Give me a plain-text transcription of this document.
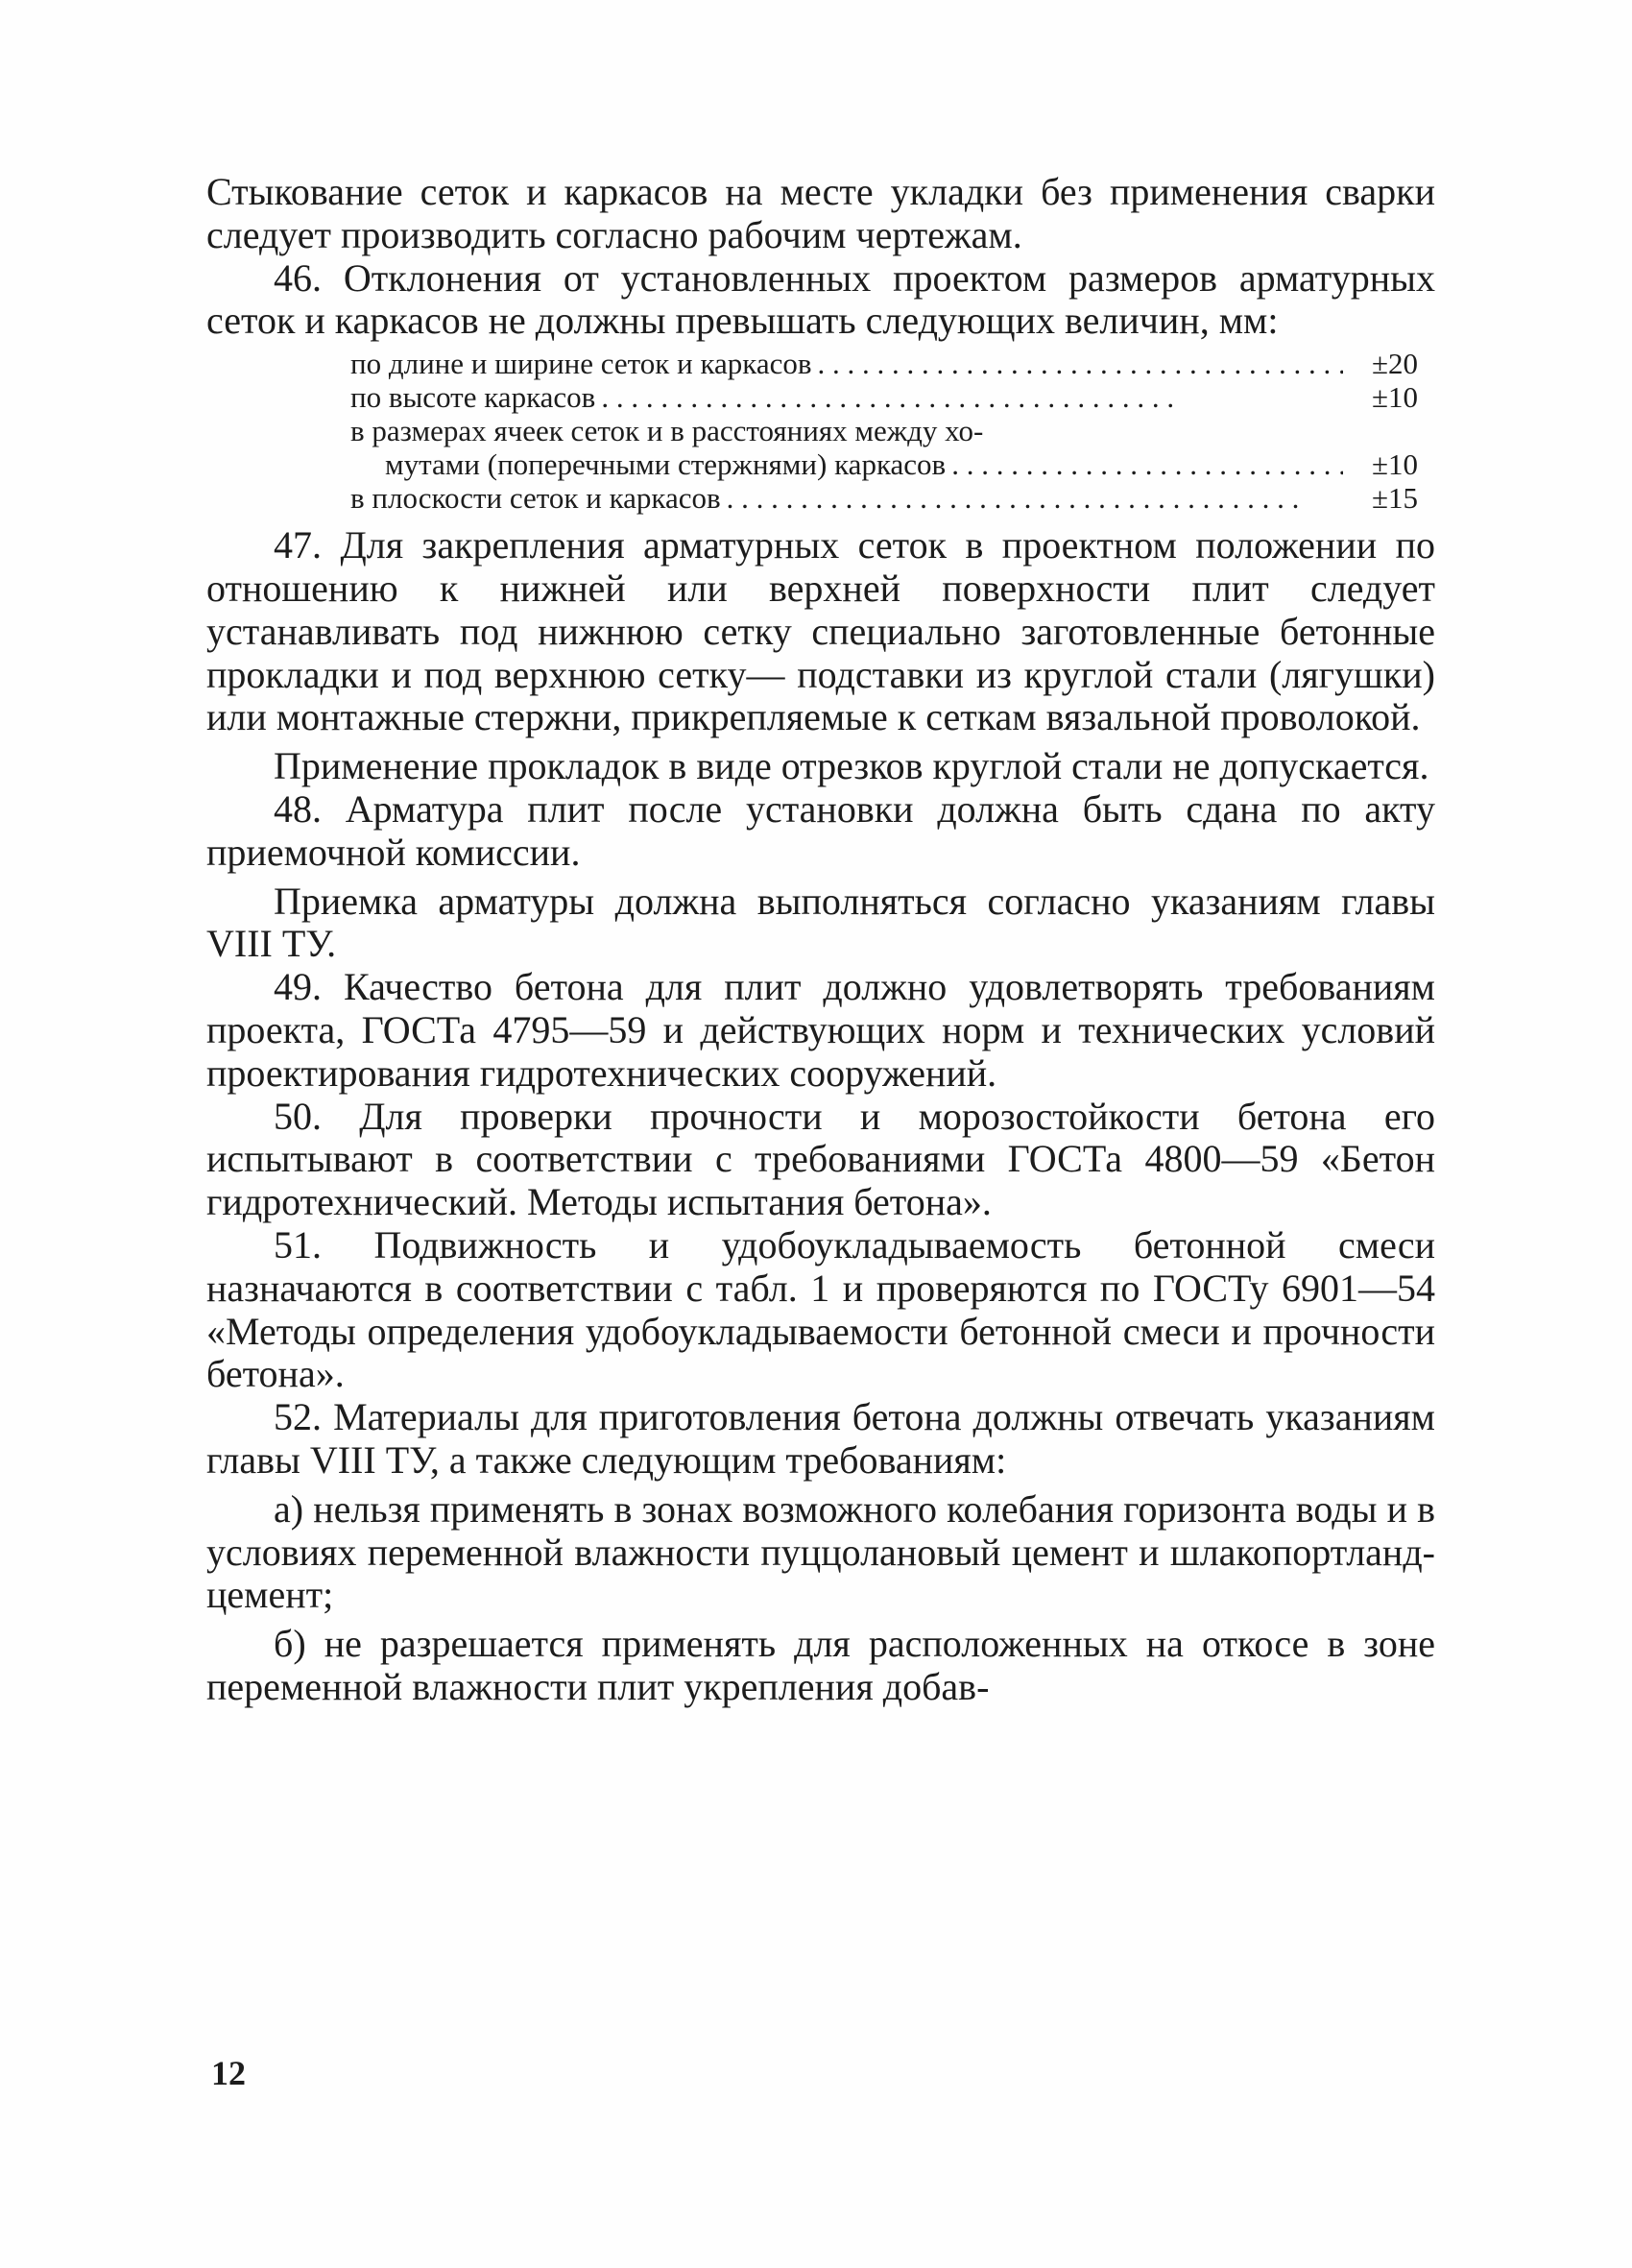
Стыкование сеток и каркасов на месте укладки без применения сварки следует производить согласно рабочим чертежам.

46. Отклонения от установленных проектом размеров арматурных сеток и каркасов не должны превышать следующих величин, мм:

по длине и ширине сеток и каркасов . . .	±20
по высоте каркасов . . .	±10
в размерах ячеек сеток и в расстояниях между хо-
мутами (поперечными стержнями) каркасов . . .	±10
в плоскости сеток и каркасов . . .	±15

47. Для закрепления арматурных сеток в проектном положении по отношению к нижней или верхней поверхности плит следует устанавливать под нижнюю сетку специально заготовленные бетонные прокладки и под верхнюю сетку— подставки из круглой стали (лягушки) или монтажные стержни, прикрепляемые к сеткам вязальной проволокой.

Применение прокладок в виде отрезков круглой стали не допускается.

48. Арматура плит после установки должна быть сдана по акту приемочной комиссии.

Приемка арматуры должна выполняться согласно указаниям главы VIII ТУ.

49. Качество бетона для плит должно удовлетворять требованиям проекта, ГОСТа 4795—59 и действующих норм и технических условий проектирования гидротехнических сооружений.

50. Для проверки прочности и морозостойкости бетона его испытывают в соответствии с требованиями ГОСТа 4800—59 «Бетон гидротехнический. Методы испытания бетона».

51. Подвижность и удобоукладываемость бетонной смеси назначаются в соответствии с табл. 1 и проверяются по ГОСТу 6901—54 «Методы определения удобоукладываемости бетонной смеси и прочности бетона».

52. Материалы для приготовления бетона должны отвечать указаниям главы VIII ТУ, а также следующим требованиям:

а) нельзя применять в зонах возможного колебания горизонта воды и в условиях переменной влажности пуццолановый цемент и шлакопортланд-цемент;

б) не разрешается применять для расположенных на откосе в зоне переменной влажности плит укрепления добав-

12
